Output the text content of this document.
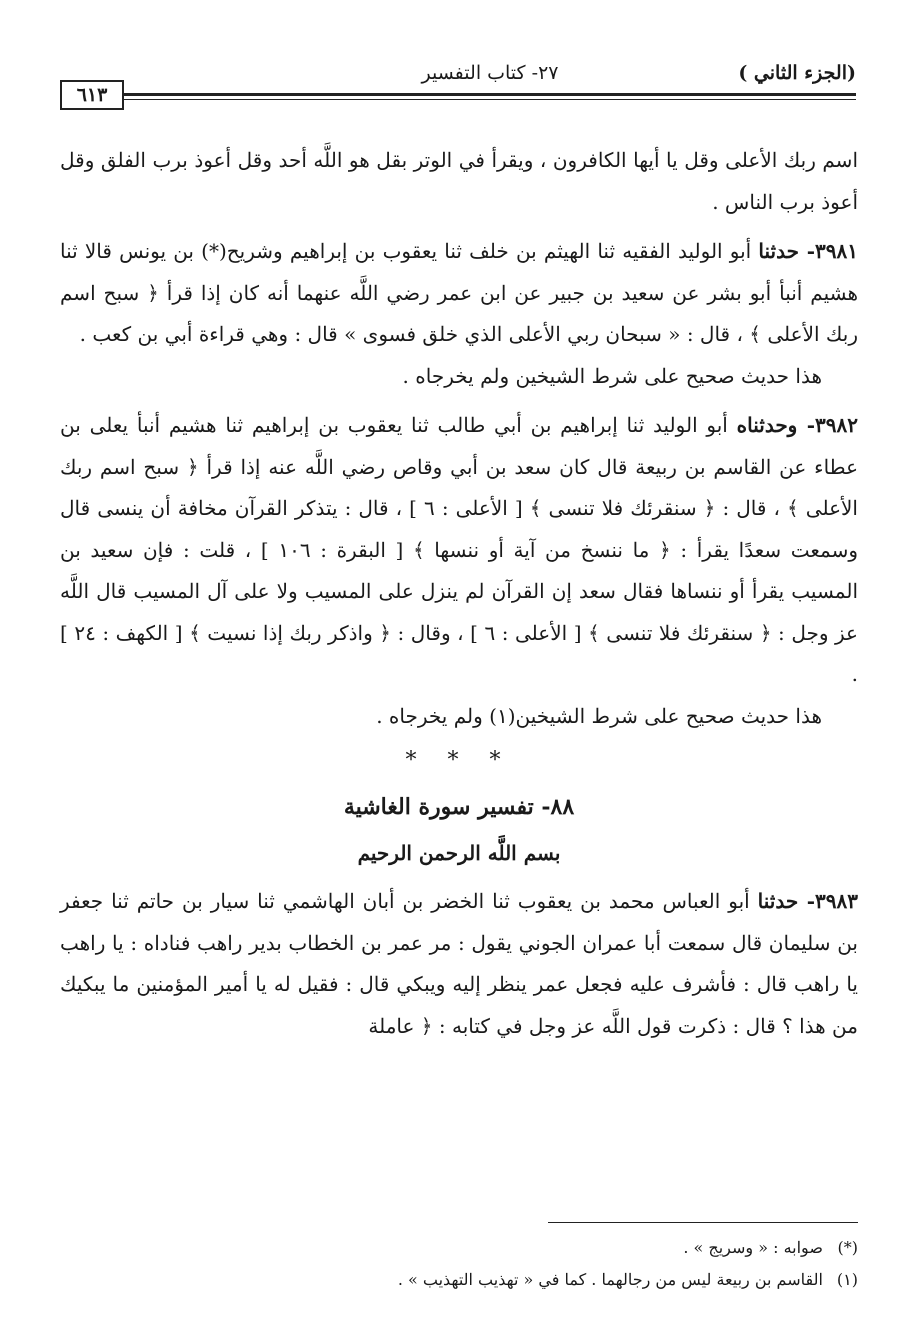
(الجزء الثاني )
٢٧- كتاب التفسير
٦١٣

اسم ربك الأعلى وقل يا أيها الكافرون ، ويقرأ في الوتر بقل هو اللَّه أحد وقل أعوذ برب الفلق وقل أعوذ برب الناس .

٣٩٨١- حدثنا أبو الوليد الفقيه ثنا الهيثم بن خلف ثنا يعقوب بن إبراهيم وشريح(*) بن يونس قالا ثنا هشيم أنبأ أبو بشر عن سعيد بن جبير عن ابن عمر رضي اللَّه عنهما أنه كان إذا قرأ ﴿ سبح اسم ربك الأعلى ﴾ ، قال : « سبحان ربي الأعلى الذي خلق فسوى » قال : وهي قراءة أبي بن كعب .

هذا حديث صحيح على شرط الشيخين ولم يخرجاه .

٣٩٨٢- وحدثناه أبو الوليد ثنا إبراهيم بن أبي طالب ثنا يعقوب بن إبراهيم ثنا هشيم أنبأ يعلى بن عطاء عن القاسم بن ربيعة قال كان سعد بن أبي وقاص رضي اللَّه عنه إذا قرأ ﴿ سبح اسم ربك الأعلى ﴾ ، قال : ﴿ سنقرئك فلا تنسى ﴾ [ الأعلى : ٦ ] ، قال : يتذكر القرآن مخافة أن ينسى قال وسمعت سعدًا يقرأ : ﴿ ما ننسخ من آية أو ننسها ﴾ [ البقرة : ١٠٦ ] ، قلت : فإن سعيد بن المسيب يقرأ أو ننساها فقال سعد إن القرآن لم ينزل على المسيب ولا على آل المسيب قال اللَّه عز وجل : ﴿ سنقرئك فلا تنسى ﴾ [ الأعلى : ٦ ] ، وقال : ﴿ واذكر ربك إذا نسيت ﴾ [ الكهف : ٢٤ ] .

هذا حديث صحيح على شرط الشيخين(١) ولم يخرجاه .

* * *
٨٨- تفسير سورة الغاشية
بسم اللَّه الرحمن الرحيم

٣٩٨٣- حدثنا أبو العباس محمد بن يعقوب ثنا الخضر بن أبان الهاشمي ثنا سيار بن حاتم ثنا جعفر بن سليمان قال سمعت أبا عمران الجوني يقول : مر عمر بن الخطاب بدير راهب فناداه : يا راهب يا راهب قال : فأشرف عليه فجعل عمر ينظر إليه ويبكي قال : فقيل له يا أمير المؤمنين ما يبكيك من هذا ؟ قال : ذكرت قول اللَّه عز وجل في كتابه : ﴿ عاملة

(*) صوابه : « وسريج » .
(١) القاسم بن ربيعة ليس من رجالهما . كما في « تهذيب التهذيب » .
